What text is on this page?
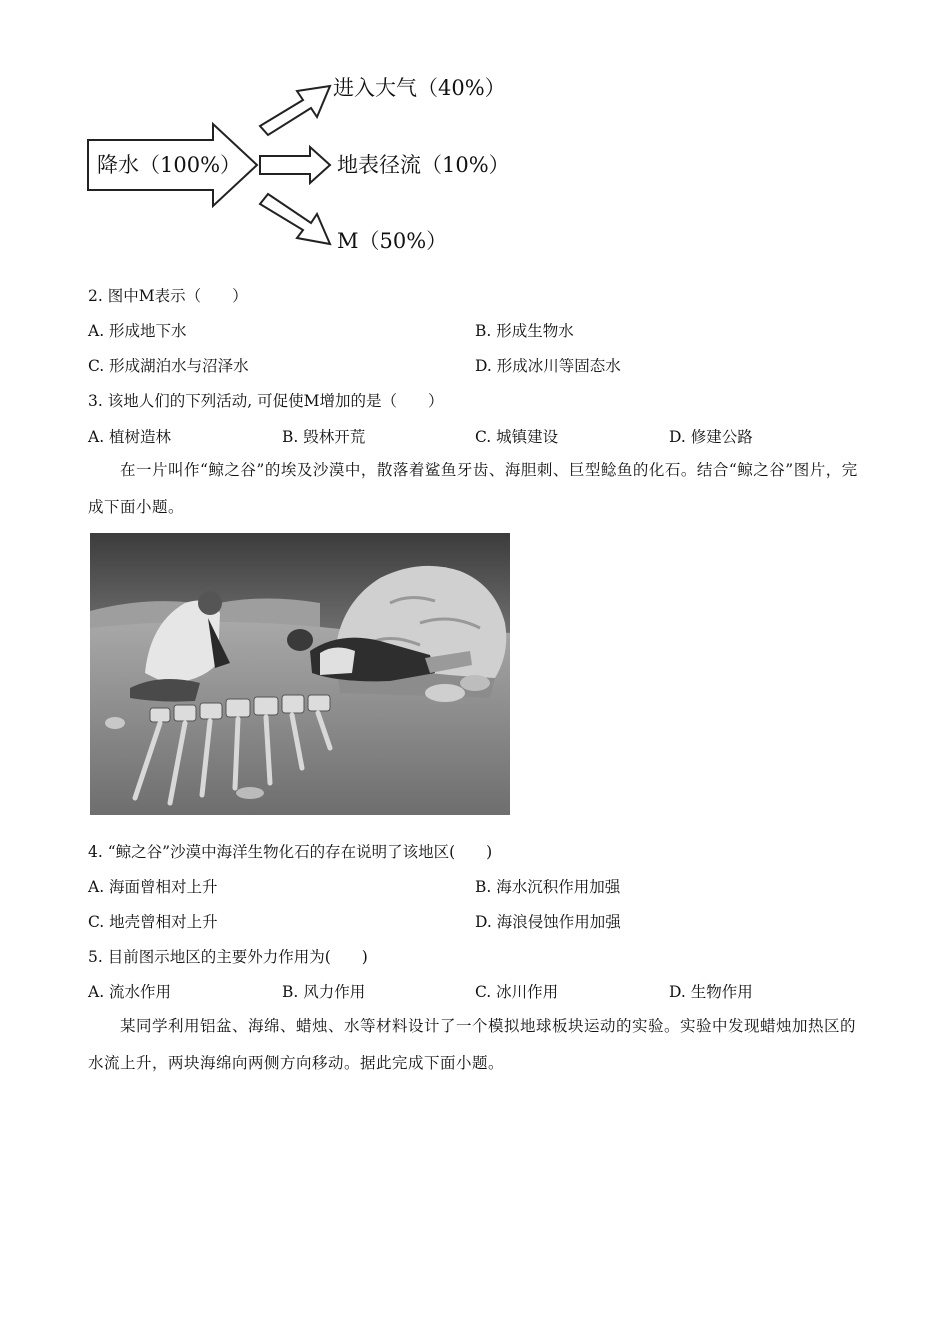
降水（100%）
进入大气（40%）
地表径流（10%）
M（50%）
2. 图中M表示（　　）
A. 形成地下水	B. 形成生物水
C. 形成湖泊水与沼泽水	D. 形成冰川等固态水
3. 该地人们的下列活动, 可促使M增加的是（　　）
A. 植树造林	B. 毁林开荒	C. 城镇建设	D. 修建公路
在一片叫作“鲸之谷”的埃及沙漠中，散落着鲨鱼牙齿、海胆刺、巨型鲶鱼的化石。结合“鲸之谷”图片，完成下面小题。
4. “鲸之谷”沙漠中海洋生物化石的存在说明了该地区(　　)
A. 海面曾相对上升	B. 海水沉积作用加强
C. 地壳曾相对上升	D. 海浪侵蚀作用加强
5. 目前图示地区的主要外力作用为(　　)
A. 流水作用	B. 风力作用	C. 冰川作用	D. 生物作用
某同学利用铝盆、海绵、蜡烛、水等材料设计了一个模拟地球板块运动的实验。实验中发现蜡烛加热区的水流上升，两块海绵向两侧方向移动。据此完成下面小题。
